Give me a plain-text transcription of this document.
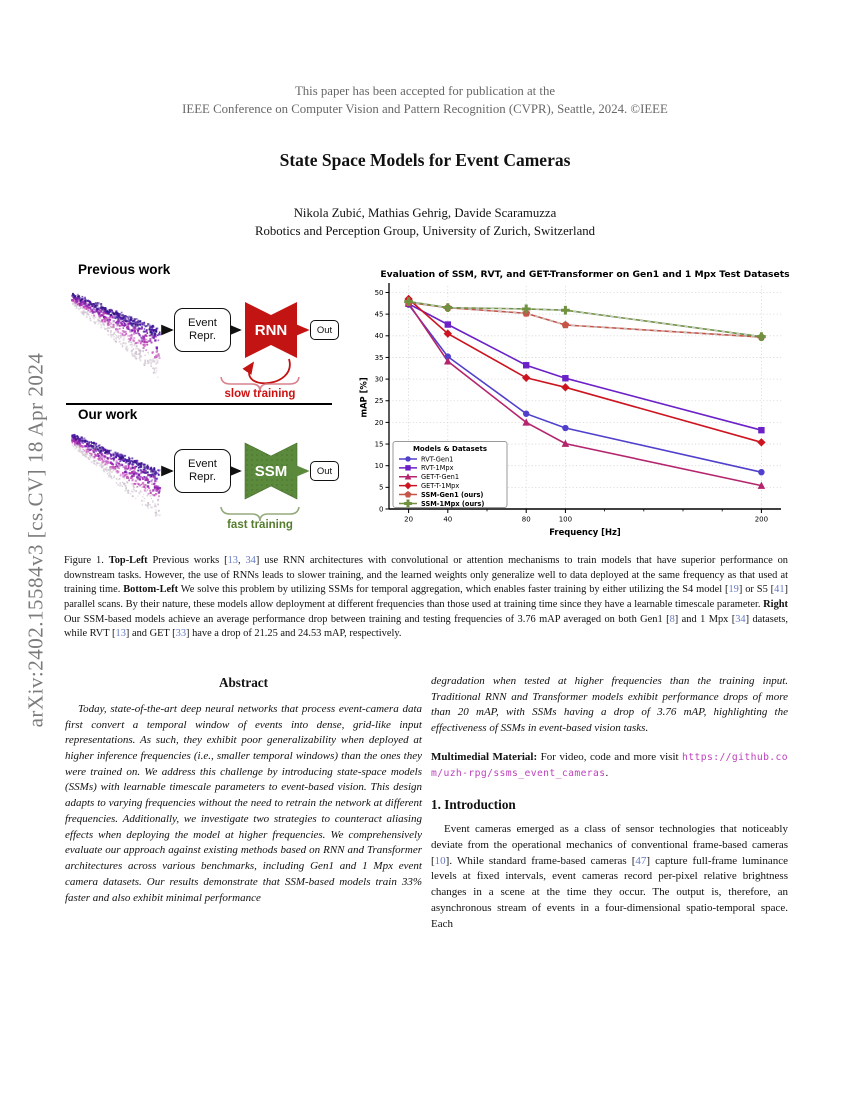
This paper has been accepted for publication at the
IEEE Conference on Computer Vision and Pattern Recognition (CVPR), Seattle, 2024. ©IEEE
State Space Models for Event Cameras
Nikola Zubić, Mathias Gehrig, Davide Scaramuzza
Robotics and Perception Group, University of Zurich, Switzerland
arXiv:2402.15584v3 [cs.CV] 18 Apr 2024
Previous work
RNN
Event Repr.	Out
slow training
Our work
SSM
Event Repr.	Out
fast training
0
5
10
15
20
25
30
35
40
45
50
20	40	80	100	200
Evaluation of SSM, RVT, and GET-Transformer on Gen1 and 1 Mpx Test Datasets
Frequency [Hz]
mAP [%]
Models & Datasets
RVT-Gen1
RVT-1Mpx
GET-T-Gen1
GET-T-1Mpx
SSM-Gen1 (ours)
SSM-1Mpx (ours)
Figure 1. Top-Left Previous works [13, 34] use RNN architectures with convolutional or attention mechanisms to train models that have superior performance on downstream tasks. However, the use of RNNs leads to slower training, and the learned weights only generalize well to data deployed at the same frequency as that used at training time. Bottom-Left We solve this problem by utilizing SSMs for temporal aggregation, which enables faster training by either utilizing the S4 model [19] or S5 [41] parallel scans. By their nature, these models allow deployment at different frequencies than those used at training time since they have a learnable timescale parameter. Right Our SSM-based models achieve an average performance drop between training and testing frequencies of 3.76 mAP averaged on both Gen1 [8] and 1 Mpx [34] datasets, while RVT [13] and GET [33] have a drop of 21.25 and 24.53 mAP, respectively.
Abstract

Today, state-of-the-art deep neural networks that process event-camera data first convert a temporal window of events into dense, grid-like input representations. As such, they exhibit poor generalizability when deployed at higher inference frequencies (i.e., smaller temporal windows) than the ones they were trained on. We address this challenge by introducing state-space models (SSMs) with learnable timescale parameters to event-based vision. This design adapts to varying frequencies without the need to retrain the network at different frequencies. Additionally, we investigate two strategies to counteract aliasing effects when deploying the model at higher frequencies. We comprehensively evaluate our approach against existing methods based on RNN and Transformer architectures across various benchmarks, including Gen1 and 1 Mpx event camera datasets. Our results demonstrate that SSM-based models train 33% faster and also exhibit minimal performance

degradation when tested at higher frequencies than the training input. Traditional RNN and Transformer models exhibit performance drops of more than 20 mAP, with SSMs having a drop of 3.76 mAP, highlighting the effectiveness of SSMs in event-based vision tasks.

Multimedial Material: For video, code and more visit https://github.com/uzh-rpg/ssms_event_cameras.

1. Introduction

Event cameras emerged as a class of sensor technologies that noticeably deviate from the operational mechanics of conventional frame-based cameras [10]. While standard frame-based cameras [47] capture full-frame luminance levels at fixed intervals, event cameras record per-pixel relative brightness changes in a scene at the time they occur. The output is, therefore, an asynchronous stream of events in a four-dimensional spatio-temporal space. Each
